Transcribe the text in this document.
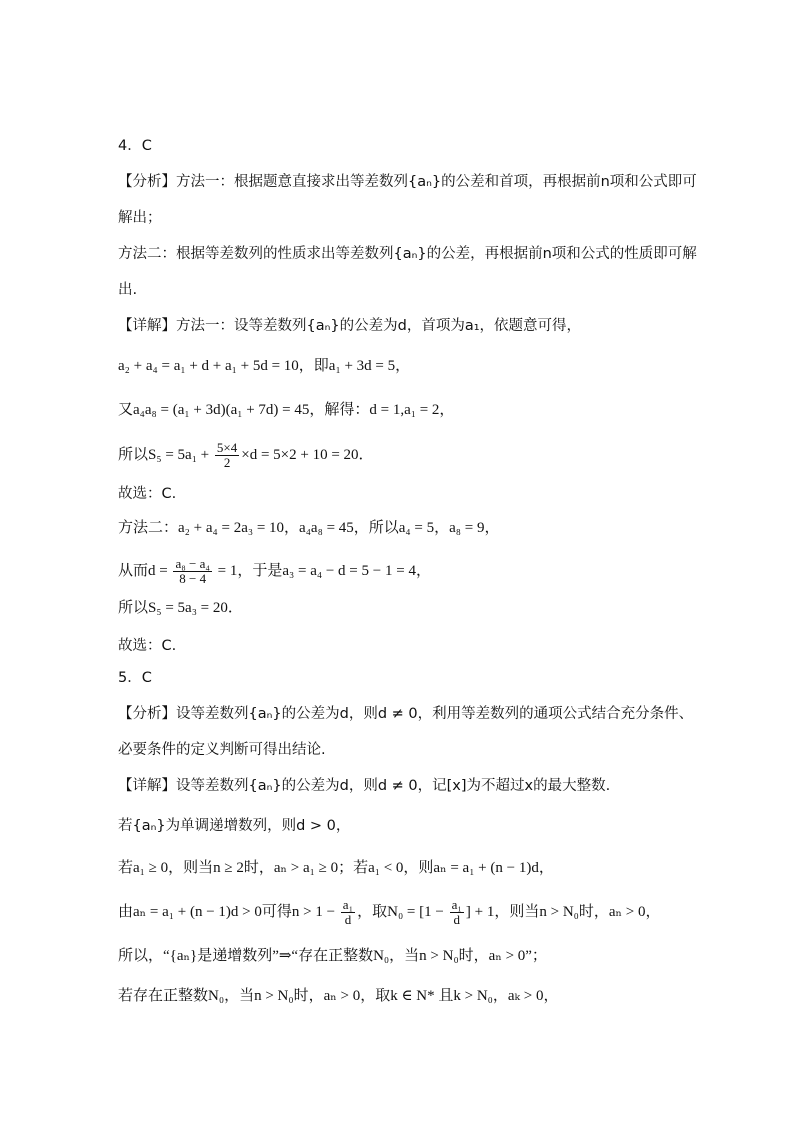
4．C
【分析】方法一：根据题意直接求出等差数列{aₙ}的公差和首项，再根据前n项和公式即可
解出；
方法二：根据等差数列的性质求出等差数列{aₙ}的公差，再根据前n项和公式的性质即可解
出.
【详解】方法一：设等差数列{aₙ}的公差为d，首项为a₁，依题意可得，
a₂ + a₄ = a₁ + d + a₁ + 5d = 10，即a₁ + 3d = 5，
又a₄a₈ = (a₁ + 3d)(a₁ + 7d) = 45，解得：d = 1,a₁ = 2，
所以$S_5 = 5a_1 + \frac{5\times 4}{2} \times d = 5\times 2 + 10 = 20$．
故选：C.
方法二：a₂ + a₄ = 2a₃ = 10，a₄a₈ = 45，所以a₄ = 5，a₈ = 9，
从而$d = \frac{\text{a₈ − a₄}}{8 - 4} = 1$，于是a₃ = a₄ − d = 5 − 1 = 4，
所以S₅ = 5a₃ = 20．
故选：C.
5．C
【分析】设等差数列{aₙ}的公差为d，则d ≠ 0，利用等差数列的通项公式结合充分条件、
必要条件的定义判断可得出结论.
【详解】设等差数列{aₙ}的公差为d，则d ≠ 0，记[x]为不超过x的最大整数.
若{aₙ}为单调递增数列，则d > 0，
若a₁ ≥ 0，则当n ≥ 2时，aₙ > a₁ ≥ 0；若a₁ < 0，则aₙ = a₁ + (n − 1)d，
由aₙ = a₁ + (n − 1)d > 0可得$n > 1 - \frac{\text{a₁}}{d}$ ，取$N_0 = [1 - \frac{\text{a₁}}{d}$ ] + 1，则当n > N₀时，aₙ > 0，
所以，“{aₙ}是递增数列”⇒“存在正整数N₀，当n > N₀时，aₙ > 0”；
若存在正整数N₀，当n > N₀时，aₙ > 0，取k ∈ N* 且k > N₀，aₖ > 0，
